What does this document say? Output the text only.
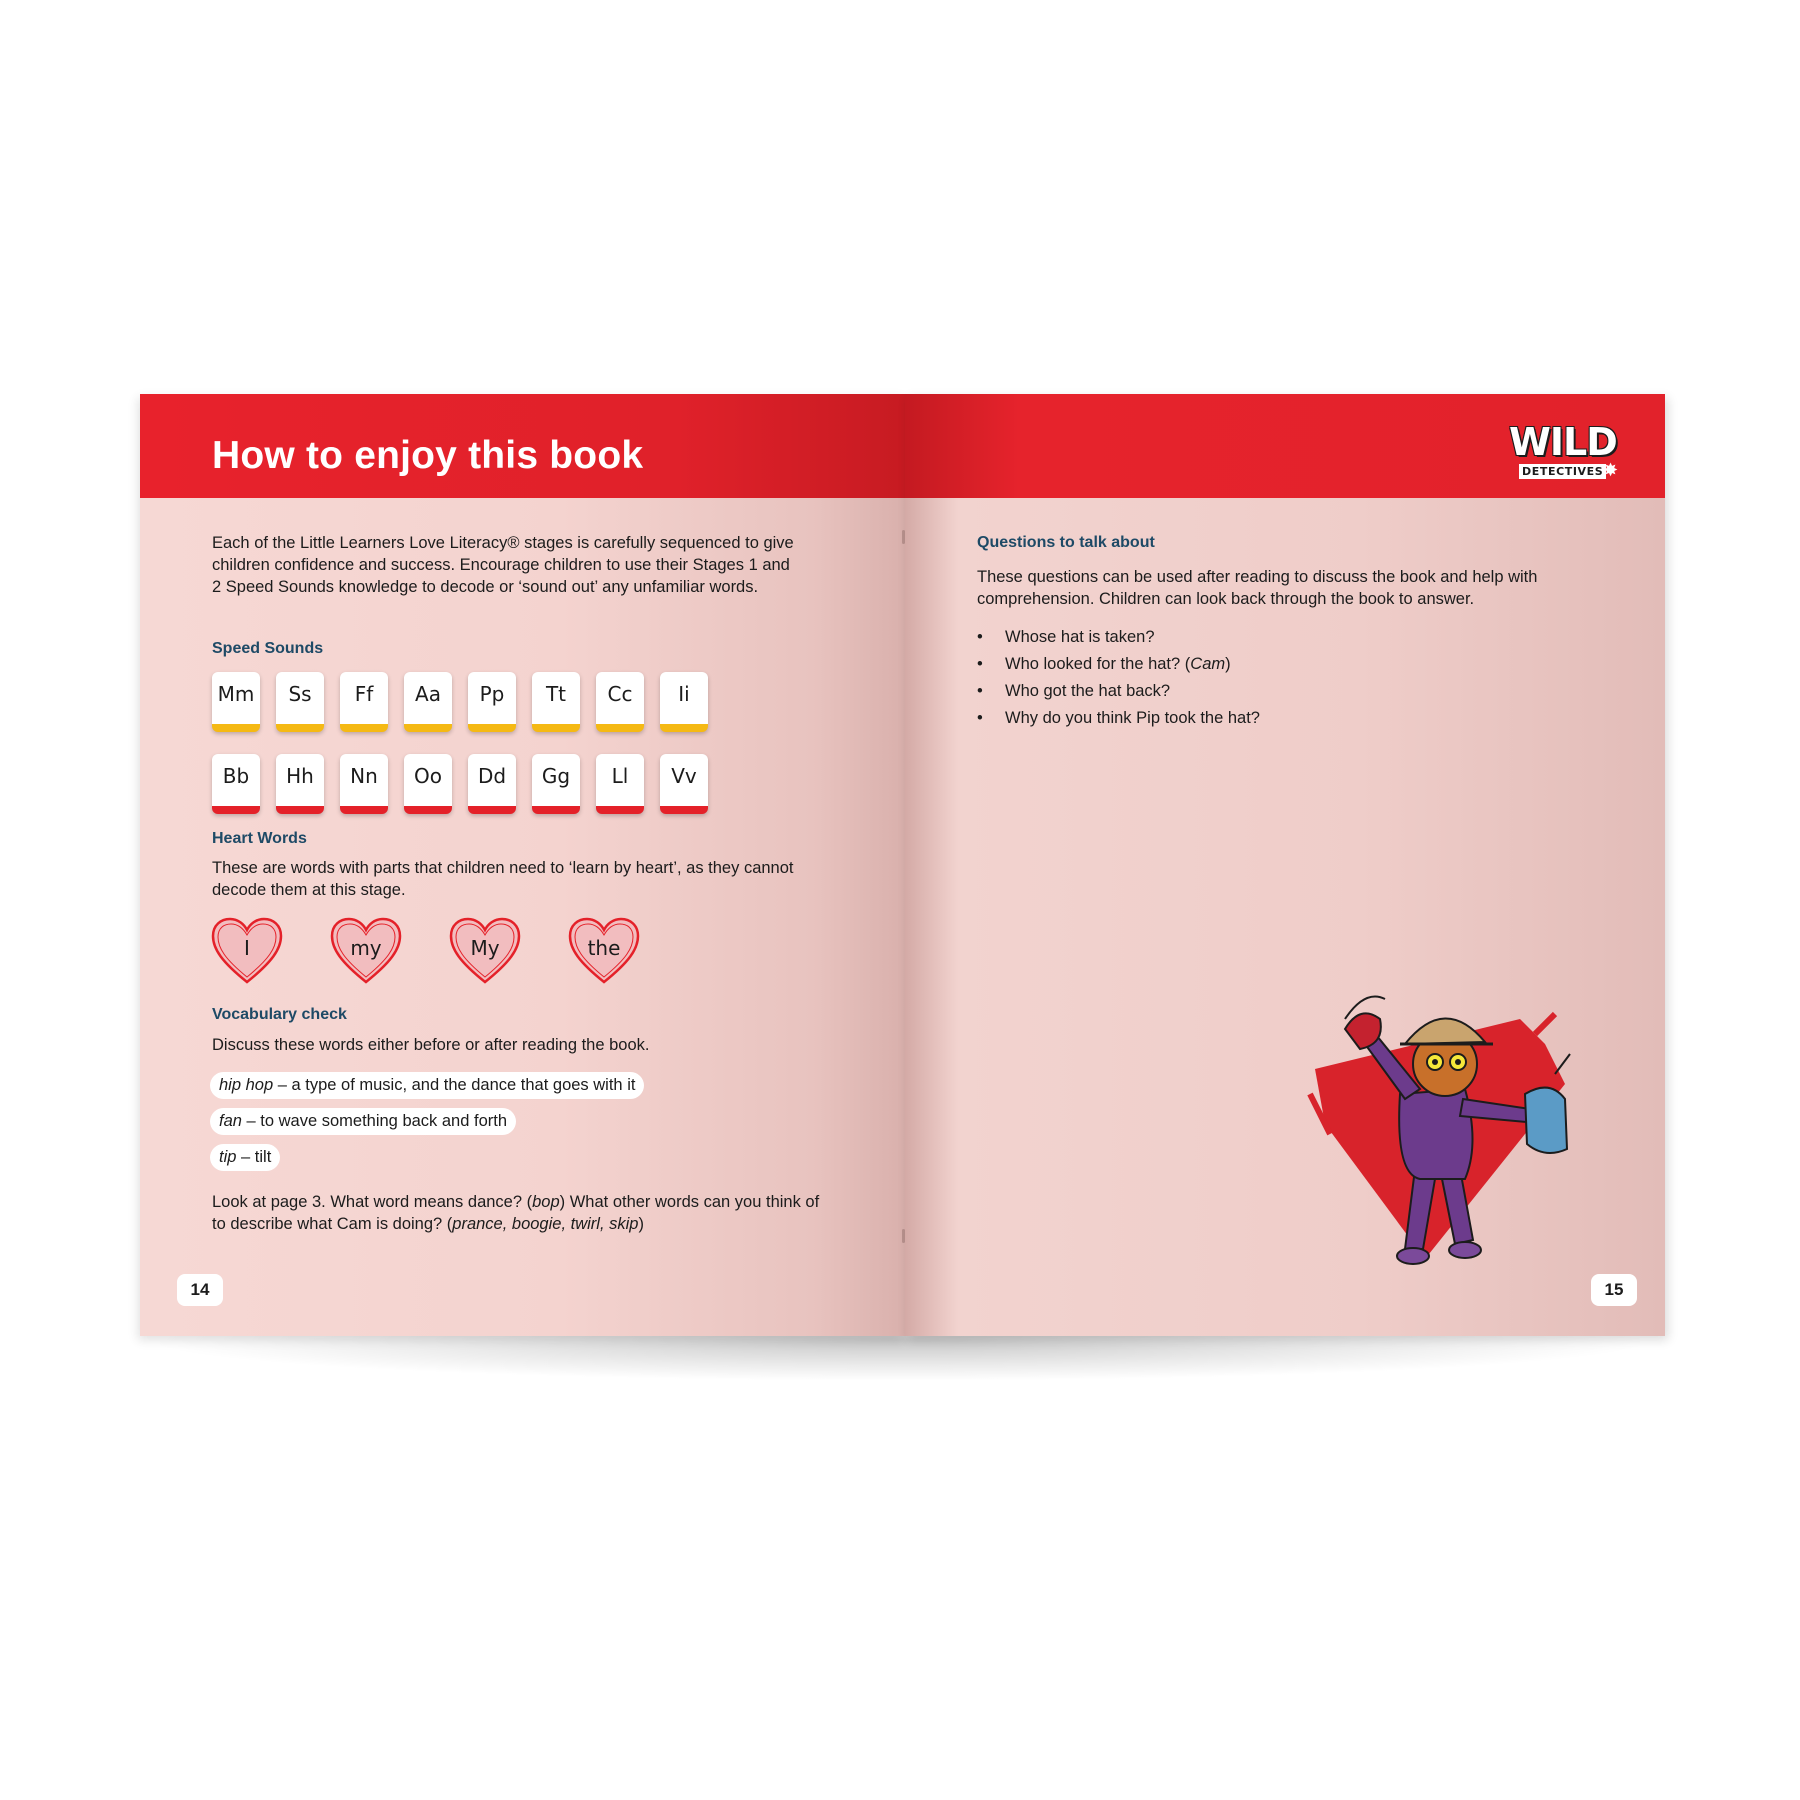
How to enjoy this book

Each of the Little Learners Love Literacy® stages is carefully sequenced to give children confidence and success. Encourage children to use their Stages 1 and 2 Speed Sounds knowledge to decode or ‘sound out’ any unfamiliar words.

Speed Sounds
Mm	Ss	Ff	Aa	Pp	Tt	Cc	Ii
Bb	Hh	Nn	Oo	Dd	Gg	Ll	Vv
Heart Words

These are words with parts that children need to ‘learn by heart’, as they cannot decode them at this stage.

I	my	My	the
Vocabulary check

Discuss these words either before or after reading the book.

hip hop – a type of music, and the dance that goes with it
fan – to wave something back and forth
tip – tilt

Look at page 3. What word means dance? (bop) What other words can you think of to describe what Cam is doing? (prance, boogie, twirl, skip)

14
WILD
DETECTIVES ✸
Questions to talk about

These questions can be used after reading to discuss the book and help with comprehension. Children can look back through the book to answer.

• Whose hat is taken?
• Who looked for the hat? (Cam)
• Who got the hat back?
• Why do you think Pip took the hat?
15
